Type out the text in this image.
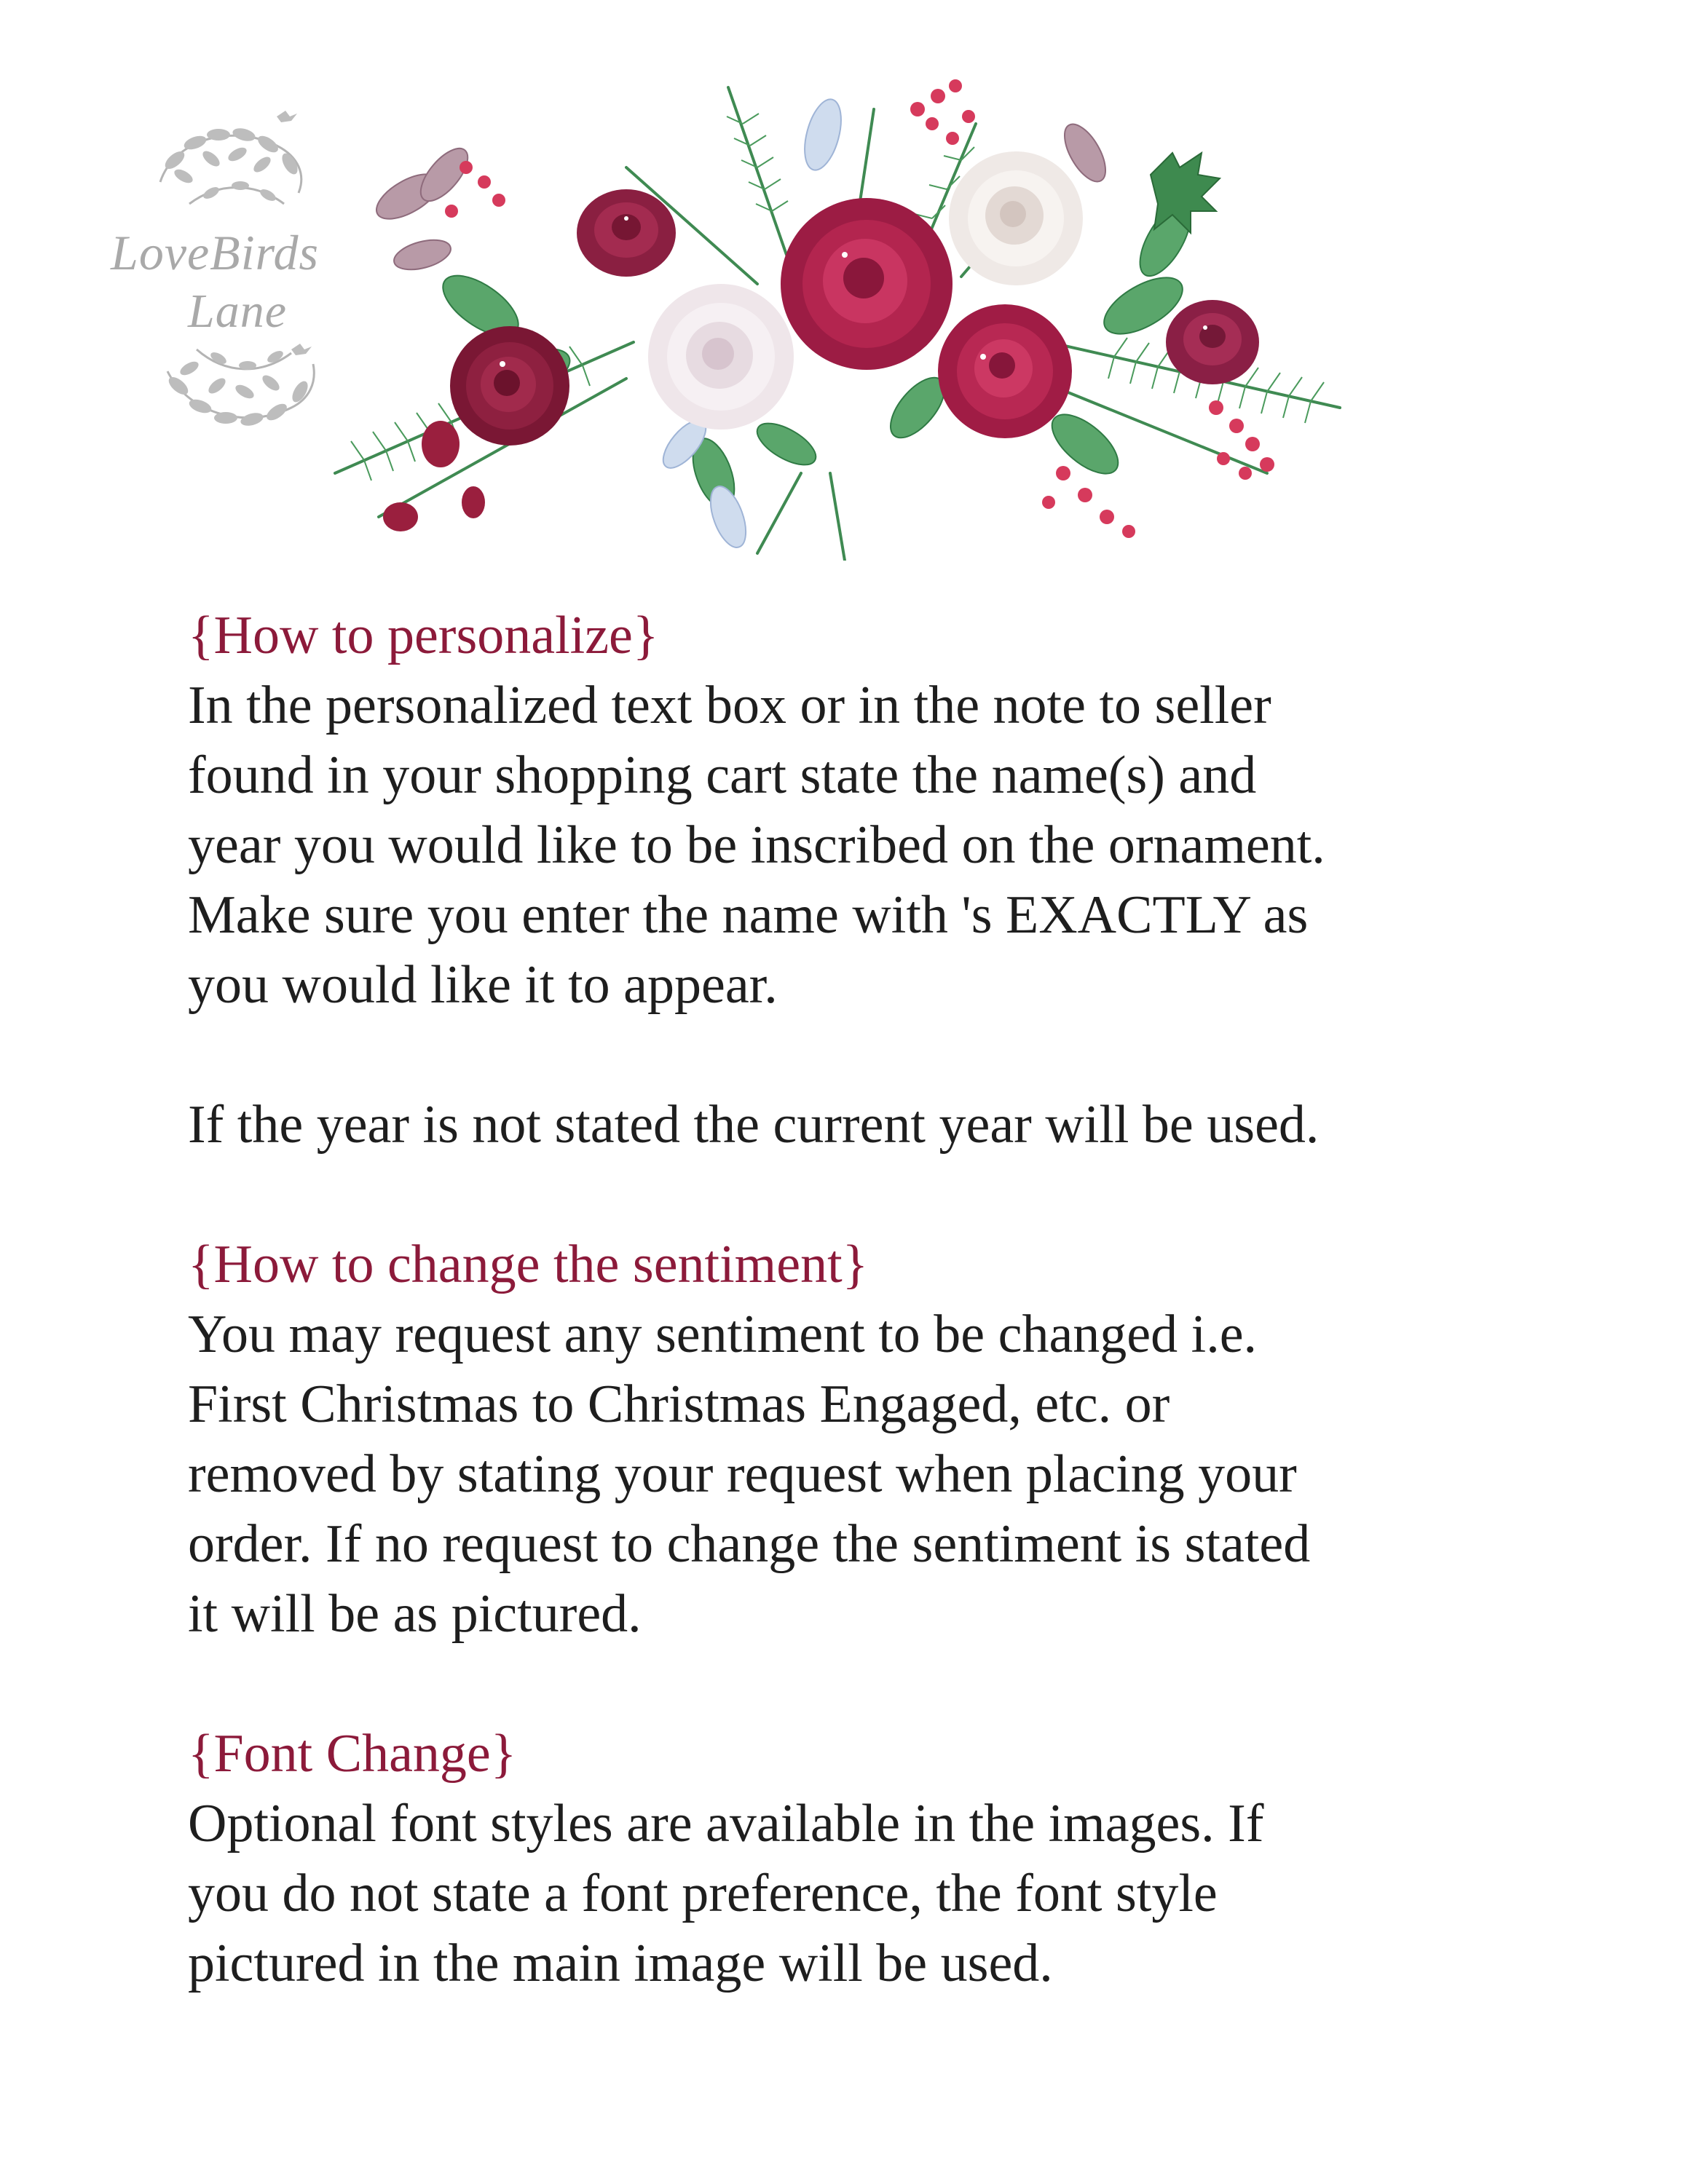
LoveBirds
Lane

{How to personalize}

In the personalized text box or in the note to seller

found in your shopping cart state the name(s) and

year you would like to be inscribed on the ornament.

Make sure you enter the name with 's EXACTLY as

you would like it to appear.

If the year is not stated the current year will be used.

{How to change the sentiment}

You may request any sentiment to be changed i.e.

First Christmas to Christmas Engaged, etc. or

removed by stating your request when placing your

order. If no request to change the sentiment is stated

it will be as pictured.

{Font Change}

Optional font styles are available in the images. If

you do not state a font preference, the font style

pictured in the main image will be used.
